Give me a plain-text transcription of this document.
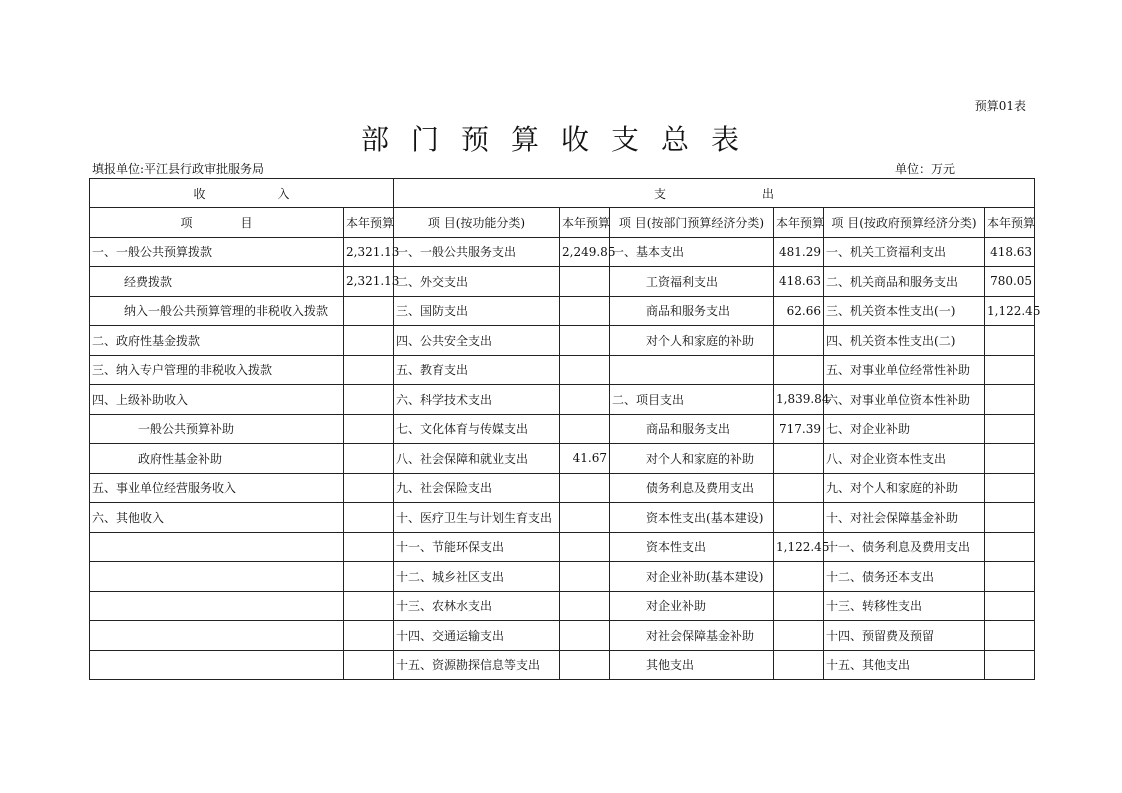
预算01表
部门预算收支总表
填报单位:平江县行政审批服务局	单位：万元
收　　　　　　入		支　　　　　　　　出					
项　　　　目	本年预算	项 目(按功能分类)	本年预算	项 目(按部门预算经济分类)	本年预算	项 目(按政府预算经济分类)	本年预算
一、一般公共预算拨款	2,321.13	一、一般公共服务支出	2,249.85	一、基本支出	481.29	一、机关工资福利支出	418.63
经费拨款	2,321.13	二、外交支出		工资福利支出	418.63	二、机关商品和服务支出	780.05
纳入一般公共预算管理的非税收入拨款		三、国防支出		商品和服务支出	62.66	三、机关资本性支出(一)	1,122.45
二、政府性基金拨款		四、公共安全支出		对个人和家庭的补助		四、机关资本性支出(二)	
三、纳入专户管理的非税收入拨款		五、教育支出				五、对事业单位经常性补助	
四、上级补助收入		六、科学技术支出		二、项目支出	1,839.84	六、对事业单位资本性补助	
一般公共预算补助		七、文化体育与传媒支出		商品和服务支出	717.39	七、对企业补助	
政府性基金补助		八、社会保障和就业支出	41.67	对个人和家庭的补助		八、对企业资本性支出	
五、事业单位经营服务收入		九、社会保险支出		债务利息及费用支出		九、对个人和家庭的补助	
六、其他收入		十、医疗卫生与计划生育支出		资本性支出(基本建设)		十、对社会保障基金补助	
		十一、节能环保支出		资本性支出	1,122.45	十一、债务利息及费用支出	
		十二、城乡社区支出		对企业补助(基本建设)		十二、债务还本支出	
		十三、农林水支出		对企业补助		十三、转移性支出	
		十四、交通运输支出		对社会保障基金补助		十四、预留费及预留	
		十五、资源勘探信息等支出		其他支出		十五、其他支出	
